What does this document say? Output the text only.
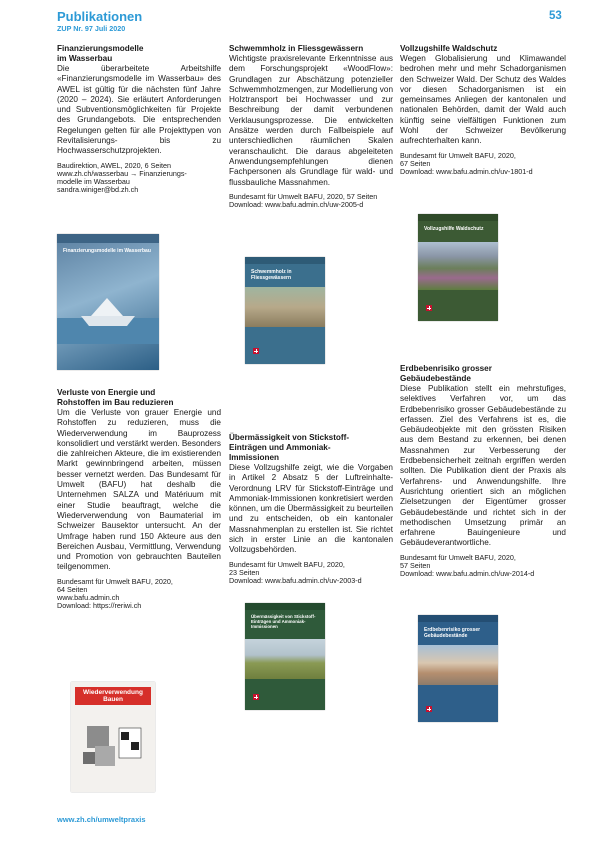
Publikationen
ZUP Nr. 97 Juli 2020
53
Finanzierungsmodelle
im Wasserbau

Die überarbeitete Arbeitshilfe «Finanzierungsmodelle im Wasserbau» des AWEL ist gültig für die nächsten fünf Jahre (2020 – 2024). Sie erläutert Anforderungen und Subventionsmöglichkeiten für Projekte des Grundangebots. Die entsprechenden Regelungen gelten für alle Projekttypen von Revitalisierungs- bis zu Hochwasserschutzprojekten.

Baudirektion, AWEL, 2020, 6 Seiten
www.zh.ch/wasserbau → Finanzierungs-
modelle im Wasserbau
sandra.winiger@bd.zh.ch
Finanzierungsmodelle im Wasserbau
Schwemmholz in Fliessgewässern

Wichtigste praxisrelevante Erkenntnisse aus dem Forschungsprojekt «WoodFlow»: Grundlagen zur Abschätzung potenzieller Schwemmholzmengen, zur Modellierung von Holztransport bei Hochwasser und zur Beschreibung der damit verbundenen Verklausungsprozesse. Die entwickelten Ansätze werden durch Fallbeispiele auf unterschiedlichen räumlichen Skalen veranschaulicht. Die daraus abgeleiteten Anwendungsempfehlungen dienen Fachpersonen als Grundlage für wald- und flussbauliche Massnahmen.

Bundesamt für Umwelt BAFU, 2020, 57 Seiten
Download: www.bafu.admin.ch/uw-2005-d
Schwemmholz in Fliessgewässern
Vollzugshilfe Waldschutz

Wegen Globalisierung und Klimawandel bedrohen mehr und mehr Schadorganismen den Schweizer Wald. Der Schutz des Waldes vor diesen Schadorganismen ist ein gemeinsames Anliegen der kantonalen und nationalen Behörden, damit der Wald auch künftig seine vielfältigen Funktionen zum Wohl der Schweizer Bevölkerung aufrechterhalten kann.

Bundesamt für Umwelt BAFU, 2020,
67 Seiten
Download: www.bafu.admin.ch/uv-1801-d
Vollzugshilfe Waldschutz
Verluste von Energie und
Rohstoffen im Bau reduzieren

Um die Verluste von grauer Energie und Rohstoffen zu reduzieren, muss die Wiederverwendung im Bauprozess konsolidiert und verstärkt werden. Besonders die zahlreichen Akteure, die im existierenden Markt gewinnbringend arbeiten, müssen besser vernetzt werden. Das Bundesamt für Umwelt (BAFU) hat deshalb die Unternehmen SALZA und Matériuum mit einer Studie beauftragt, welche die Wiederverwendung von Baumaterial im Schweizer Bausektor untersucht. An der Umfrage haben rund 150 Akteure aus den Bereichen Ausbau, Vermittlung, Verwendung und Promotion von gebrauchten Bauteilen teilgenommen.

Bundesamt für Umwelt BAFU, 2020,
64 Seiten
www.bafu.admin.ch
Download: https://reriwi.ch
Wiederverwendung Bauen
Übermässigkeit von Stickstoff-
Einträgen und Ammoniak-
Immissionen

Diese Vollzugshilfe zeigt, wie die Vorgaben in Artikel 2 Absatz 5 der Luftreinhalte-Verordnung LRV für Stickstoff-Einträge und Ammoniak-Immissionen konkretisiert werden können, um die Übermässigkeit zu beurteilen und zu entscheiden, ob ein kantonaler Massnahmenplan zu erstellen ist. Sie richtet sich in erster Linie an die kantonalen Vollzugsbehörden.

Bundesamt für Umwelt BAFU, 2020,
23 Seiten
Download: www.bafu.admin.ch/uv-2003-d
Übermässigkeit von Stickstoff-Einträgen und Ammoniak-Immissionen
Erdbebenrisiko grosser
Gebäudebestände

Diese Publikation stellt ein mehrstufiges, selektives Verfahren vor, um das Erdbebenrisiko grosser Gebäudebestände zu erfassen. Ziel des Verfahrens ist es, die Gebäudeobjekte mit den grössten Risiken aus dem Bestand zu erkennen, bei denen Massnahmen zur Verbesserung der Erdbebensicherheit zeitnah ergriffen werden sollten. Die Publikation dient der Praxis als Verfahrens- und Anwendungshilfe. Ihre Ausrichtung orientiert sich an möglichen Zielsetzungen der Eigentümer grosser Gebäudebestände und richtet sich in der methodischen Umsetzung primär an erfahrene Bauingenieure und Gebäudeverantwortliche.

Bundesamt für Umwelt BAFU, 2020,
57 Seiten
Download: www.bafu.admin.ch/uw-2014-d
Erdbebenrisiko grosser Gebäudebestände
www.zh.ch/umweltpraxis
